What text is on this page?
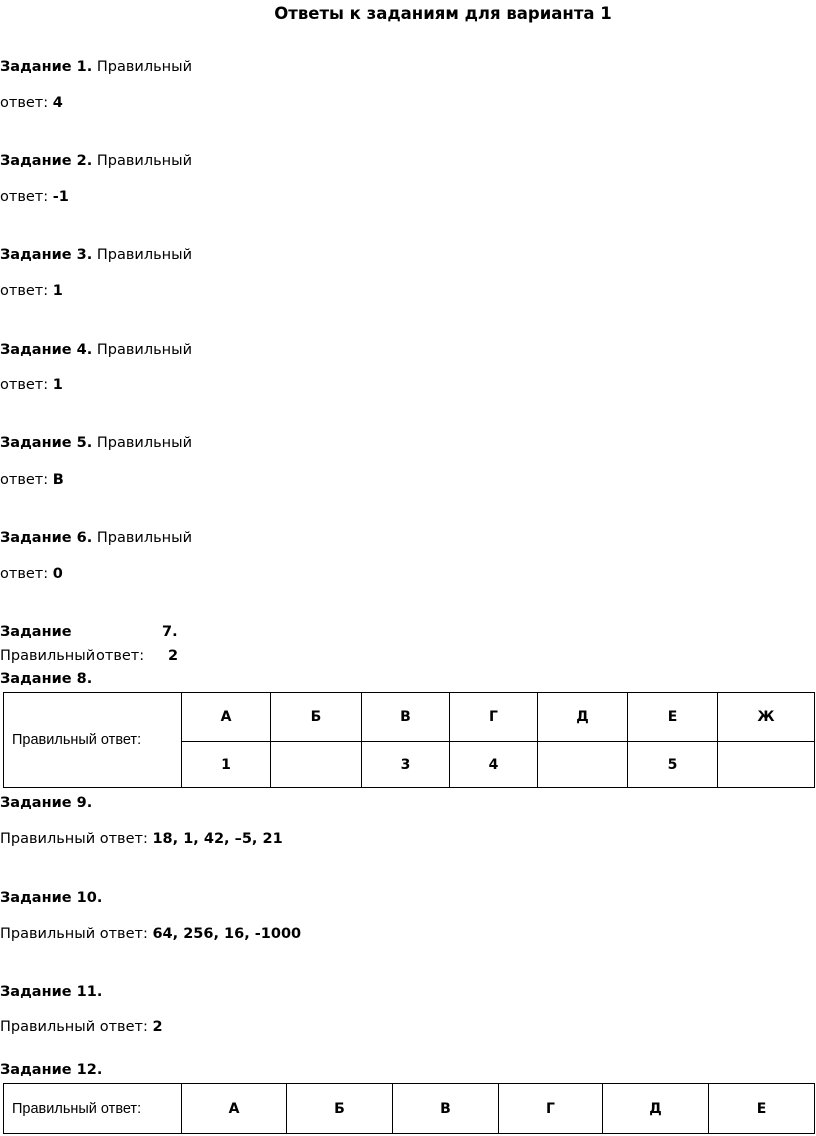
Ответы к заданиям для варианта 1
Задание 1. Правильный
ответ: 4
Задание 2. Правильный
ответ: -1
Задание 3. Правильный
ответ: 1
Задание 4. Правильный
ответ: 1
Задание 5. Правильный
ответ: В
Задание 6. Правильный
ответ: 0
Задание	7.
Правильный ответ: 2
Задание 8.
Правильный ответ:	А	Б	В	Г	Д	Е	Ж
	1		3	4		5	
Задание 9.
Правильный ответ: 18, 1, 42, –5, 21
Задание 10.
Правильный ответ: 64, 256, 16, -1000
Задание 11.
Правильный ответ: 2
Задание 12.
Правильный ответ:	А	Б	В	Г	Д	Е
